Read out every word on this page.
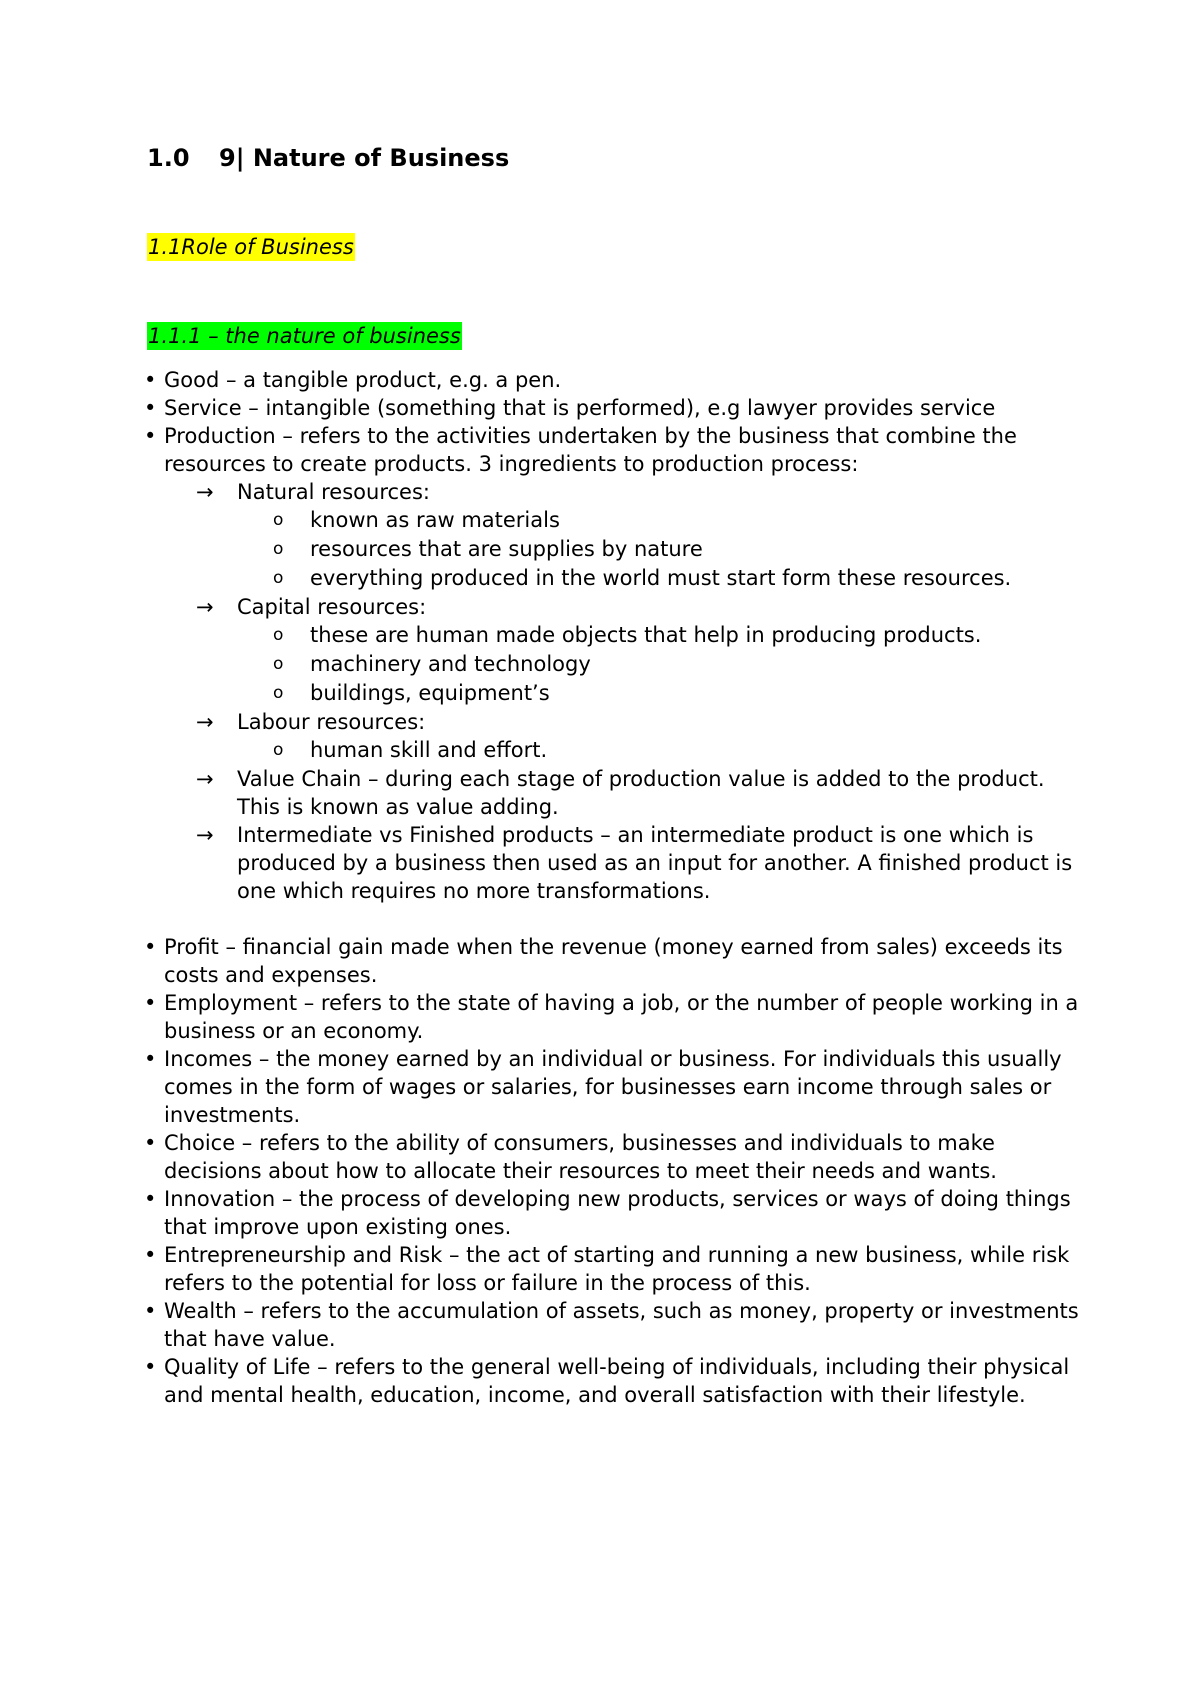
1.0 9| Nature of Business
1.1Role of Business
1.1.1 – the nature of business
• Good – a tangible product, e.g. a pen.
• Service – intangible (something that is performed), e.g lawyer provides service
• Production – refers to the activities undertaken by the business that combine the resources to create products. 3 ingredients to production process:
→ Natural resources:
o known as raw materials
o resources that are supplies by nature
o everything produced in the world must start form these resources.
→ Capital resources:
o these are human made objects that help in producing products.
o machinery and technology
o buildings, equipment’s
→ Labour resources:
o human skill and effort.
→ Value Chain – during each stage of production value is added to the product. This is known as value adding.
→ Intermediate vs Finished products – an intermediate product is one which is produced by a business then used as an input for another. A finished product is one which requires no more transformations.
• Profit – financial gain made when the revenue (money earned from sales) exceeds its costs and expenses.
• Employment – refers to the state of having a job, or the number of people working in a business or an economy.
• Incomes – the money earned by an individual or business. For individuals this usually comes in the form of wages or salaries, for businesses earn income through sales or investments.
• Choice – refers to the ability of consumers, businesses and individuals to make decisions about how to allocate their resources to meet their needs and wants.
• Innovation – the process of developing new products, services or ways of doing things that improve upon existing ones.
• Entrepreneurship and Risk – the act of starting and running a new business, while risk refers to the potential for loss or failure in the process of this.
• Wealth – refers to the accumulation of assets, such as money, property or investments that have value.
• Quality of Life – refers to the general well-being of individuals, including their physical and mental health, education, income, and overall satisfaction with their lifestyle.
